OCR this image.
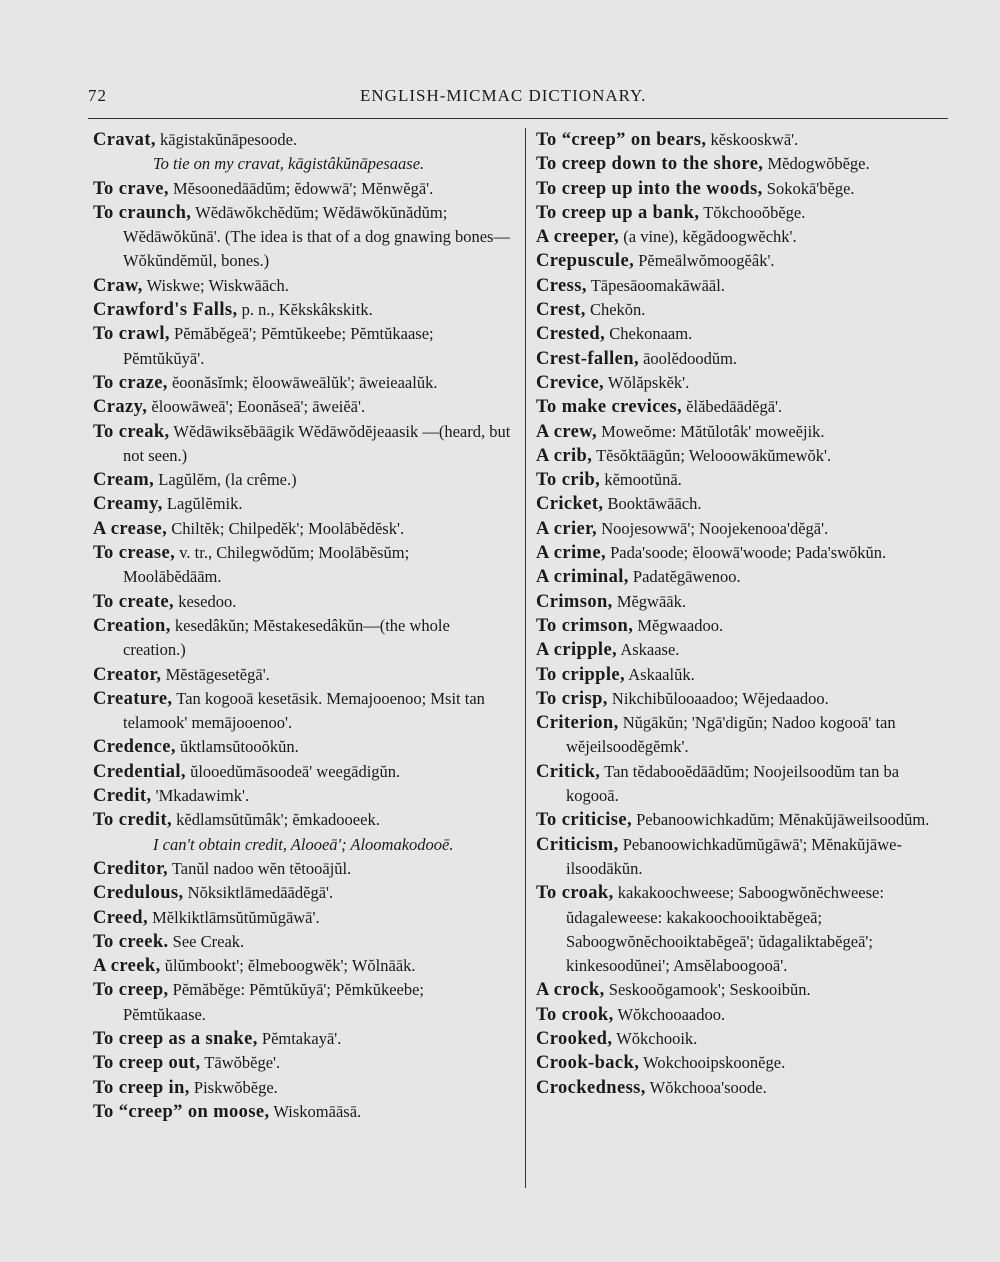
72	ENGLISH-MICMAC DICTIONARY.

Cravat, kāgistakŭnāpesoode.

To tie on my cravat, kāgistâkŭnāpesaase.

To crave, Mĕsoonedāādŭm; ĕdowwā'; Mĕnwĕgā'.

To craunch, Wĕdāwŏkchĕdŭm; Wĕdāwŏkŭnădŭm; Wĕdāwŏkŭnā'. (The idea is that of a dog gnawing bones—Wŏkŭndĕmŭl, bones.)

Craw, Wiskwe; Wiskwāāch.

Crawford's Falls, p. n., Kĕkskâkskitk.

To crawl, Pĕmăbĕgeā'; Pĕmtŭkeebe; Pĕmtŭkaase; Pĕmtŭkŭyā'.

To craze, ĕoonăsĭmk; ĕloowāweālŭk'; āweieaalŭk.

Crazy, ĕloowāweā'; Eoonăseā'; āweiĕā'.

To creak, Wĕdāwiksĕbāāgik Wĕdāwŏdĕjeaasik —(heard, but not seen.)

Cream, Lagŭlĕm, (la crême.)

Creamy, Lagŭlĕmik.

A crease, Chiltĕk; Chilpedĕk'; Moolābĕdĕsk'.

To crease, v. tr., Chilegwŏdŭm; Moolābĕsŭm; Moolābĕdāām.

To create, kesedoo.

Creation, kesedâkŭn; Mĕstakesedâkŭn—(the whole creation.)

Creator, Mĕstāgesetĕgā'.

Creature, Tan kogooā kesetāsik. Memajooenoo; Msit tan telamook' memājooenoo'.

Credence, ŭktlamsŭtooŏkŭn.

Credential, ŭlooedŭmāsoodeā' weegādigŭn.

Credit, 'Mkadawimk'.

To credit, kĕdlamsŭtŭmâk'; ĕmkadooeek.

I can't obtain credit, Alooeā'; Aloomakodooē.

Creditor, Tanŭl nadoo wĕn tĕtooājŭl.

Credulous, Nŏksiktlāmedāādĕgā'.

Creed, Mĕlkiktlāmsŭtŭmŭgāwā'.

To creek. See Creak.

A creek, ŭlŭmbookt'; ĕlmeboogwĕk'; Wŏlnāāk.

To creep, Pĕmăbĕge: Pĕmtŭkŭyā'; Pĕmkŭkeebe; Pĕmtŭkaase.

To creep as a snake, Pĕmtakayā'.

To creep out, Tāwŏbĕge'.

To creep in, Piskwŏbĕge.

To “creep” on moose, Wiskomāāsā.

To “creep” on bears, kĕskooskwā'.

To creep down to the shore, Mĕdogwŏbĕge.

To creep up into the woods, Sokokā'bĕge.

To creep up a bank, Tŏkchooŏbĕge.

A creeper, (a vine), kĕgădoogwĕchk'.

Crepuscule, Pĕmeālwŏmoogĕâk'.

Cress, Tāpesāoomakāwāāl.

Crest, Chekŏn.

Crested, Chekonaam.

Crest-fallen, āoolĕdoodŭm.

Crevice, Wŏlăpskĕk'.

To make crevices, ĕlăbedāādĕgā'.

A crew, Moweŏme: Mătŭlotâk' moweĕjik.

A crib, Tĕsŏktāāgŭn; Welooowākŭmewŏk'.

To crib, kĕmootŭnā.

Cricket, Booktāwāāch.

A crier, Noojesowwā'; Noojekenooa'dĕgā'.

A crime, Pada'soode; ĕloowā'woode; Pada'swŏkŭn.

A criminal, Padatĕgāwenoo.

Crimson, Mĕgwāāk.

To crimson, Mĕgwaadoo.

A cripple, Askaase.

To cripple, Askaalŭk.

To crisp, Nikchibŭlooaadoo; Wĕjedaadoo.

Criterion, Nŭgākŭn; 'Ngā'digŭn; Nadoo kogooā' tan wĕjeilsoodĕgĕmk'.

Critick, Tan tĕdabooĕdāādŭm; Noojeilsoodŭm tan ba kogooā.

To criticise, Pebanoowichkadŭm; Mĕnakŭjāweilsoodŭm.

Criticism, Pebanoowichkadŭmŭgāwā'; Mĕnakŭjāwe-ilsoodākŭn.

To croak, kakakoochweese; Saboogwŏnĕchweese: ŭdagaleweese: kakakoochooiktabĕgeā; Saboogwŏnĕchooiktabĕgeā'; ŭdagaliktabĕgeā'; kinkesoodŭnei'; Amsĕlaboogooā'.

A crock, Seskooŏgamook'; Seskooibŭn.

To crook, Wŏkchooaadoo.

Crooked, Wŏkchooik.

Crook-back, Wokchooipskoonĕge.

Crockedness, Wŏkchooa'soode.
